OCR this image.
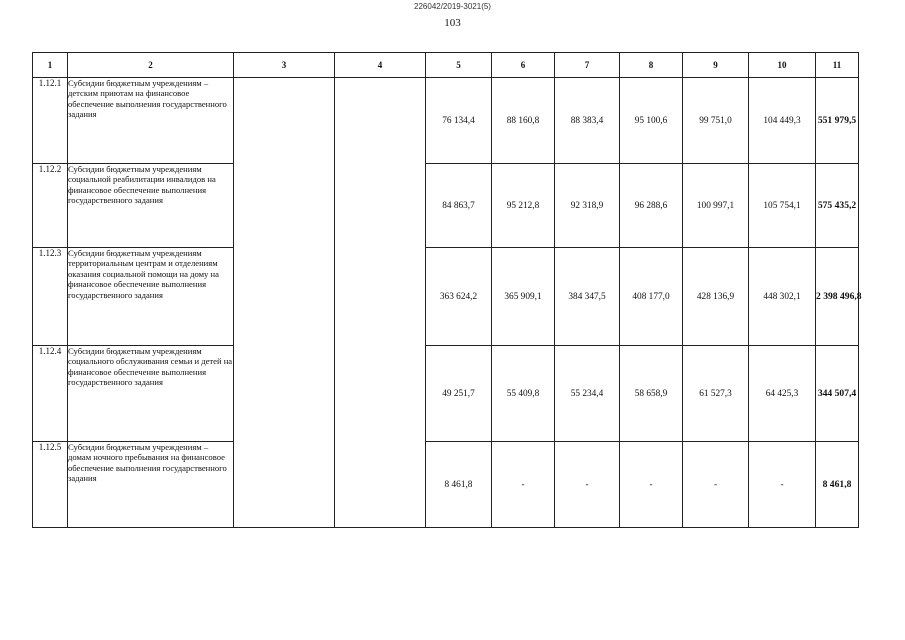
226042/2019-3021(5)
103
1	2	3	4	5	6	7	8	9	10	11
1.12.1	Субсидии бюджетным учреждениям – детским приютам на финансовое обеспечение выполнения государственного задания			76 134,4	88 160,8	88 383,4	95 100,6	99 751,0	104 449,3	551 979,5
1.12.2	Субсидии бюджетным учреждениям социальной реабилитации инвалидов на финансовое обеспечение выполнения государственного задания			84 863,7	95 212,8	92 318,9	96 288,6	100 997,1	105 754,1	575 435,2
1.12.3	Субсидии бюджетным учреждениям территориальным центрам и отделениям оказания социальной помощи на дому на финансовое обеспечение выполнения государственного задания			363 624,2	365 909,1	384 347,5	408 177,0	428 136,9	448 302,1	2 398 496,8
1.12.4	Субсидии бюджетным учреждениям социального обслуживания семьи и детей на финансовое обеспечение выполнения государственного задания			49 251,7	55 409,8	55 234,4	58 658,9	61 527,3	64 425,3	344 507,4
1.12.5	Субсидии бюджетным учреждениям – домам ночного пребывания на финансовое обеспечение выполнения государственного задания			8 461,8	-	-	-	-	-	8 461,8
